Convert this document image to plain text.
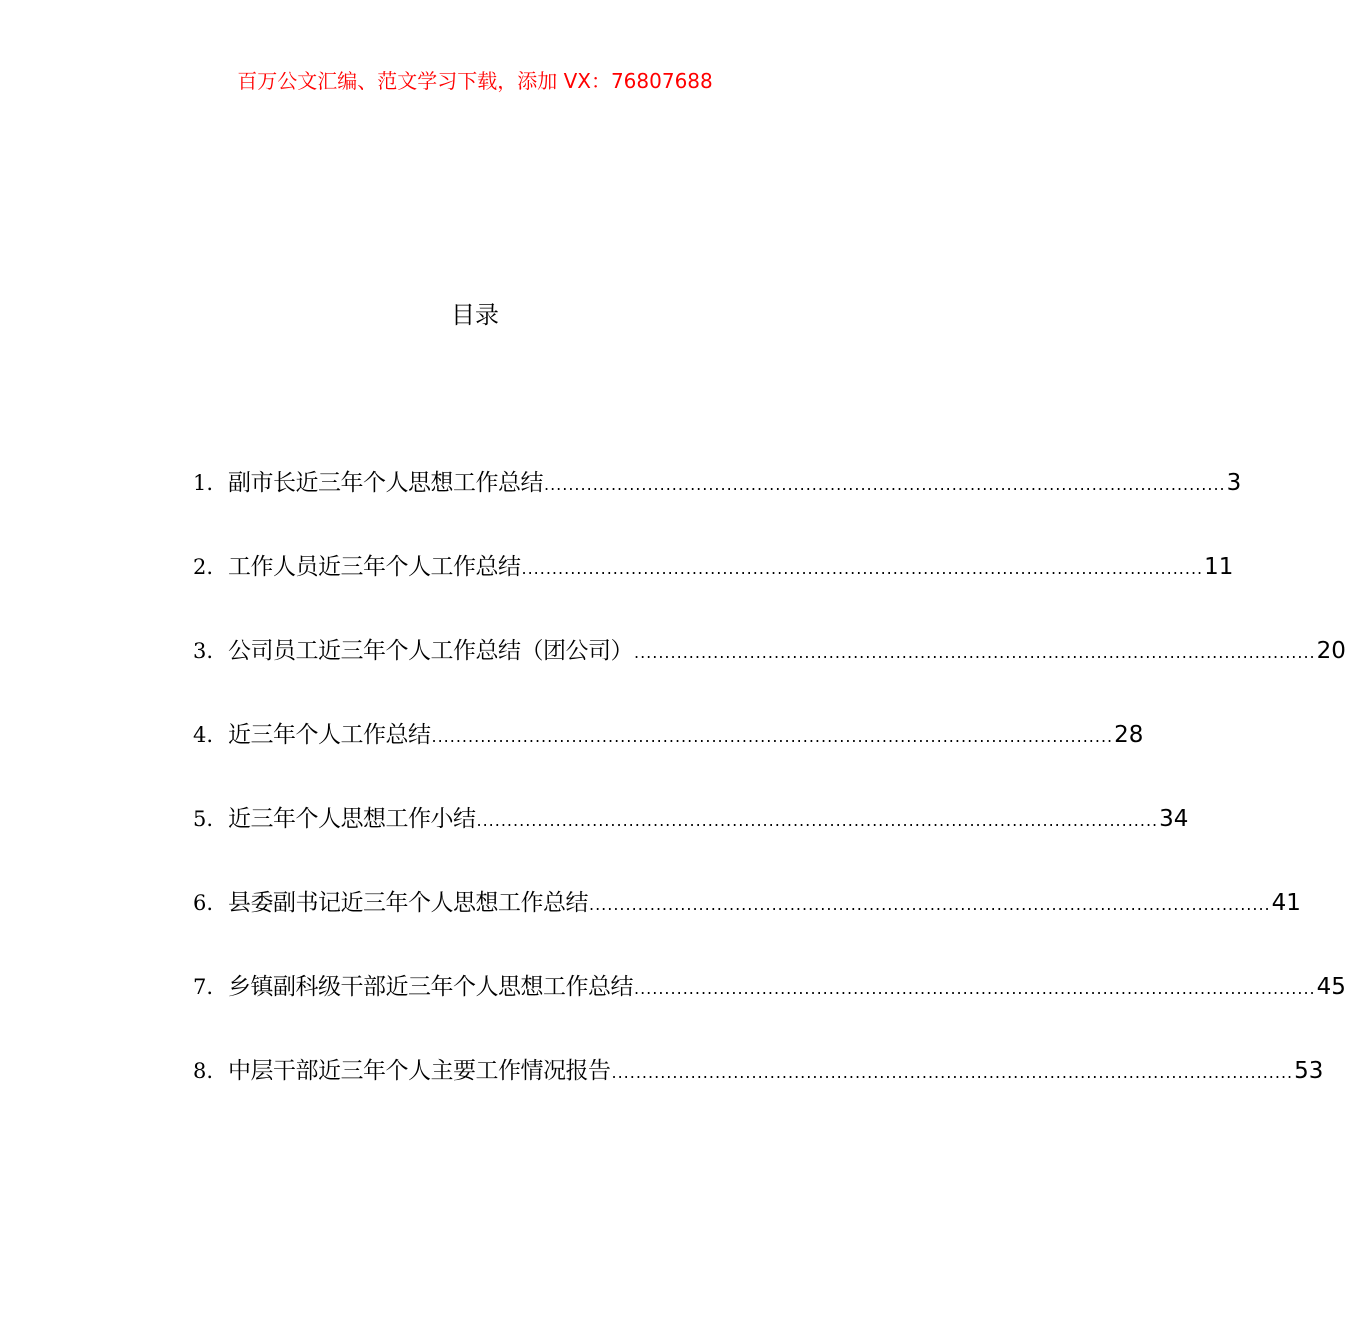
百万公文汇编、范文学习下载，添加 VX：76807688
目录
1. 副市长近三年个人思想工作总结 ................................................................................................................ 3
2. 工作人员近三年个人工作总结 ................................................................................................................ 11
3. 公司员工近三年个人工作总结（团公司） ................................................................................................................ 20
4. 近三年个人工作总结 ................................................................................................................ 28
5. 近三年个人思想工作小结 ................................................................................................................ 34
6. 县委副书记近三年个人思想工作总结 ................................................................................................................ 41
7. 乡镇副科级干部近三年个人思想工作总结 ................................................................................................................ 45
8. 中层干部近三年个人主要工作情况报告 ................................................................................................................ 53
